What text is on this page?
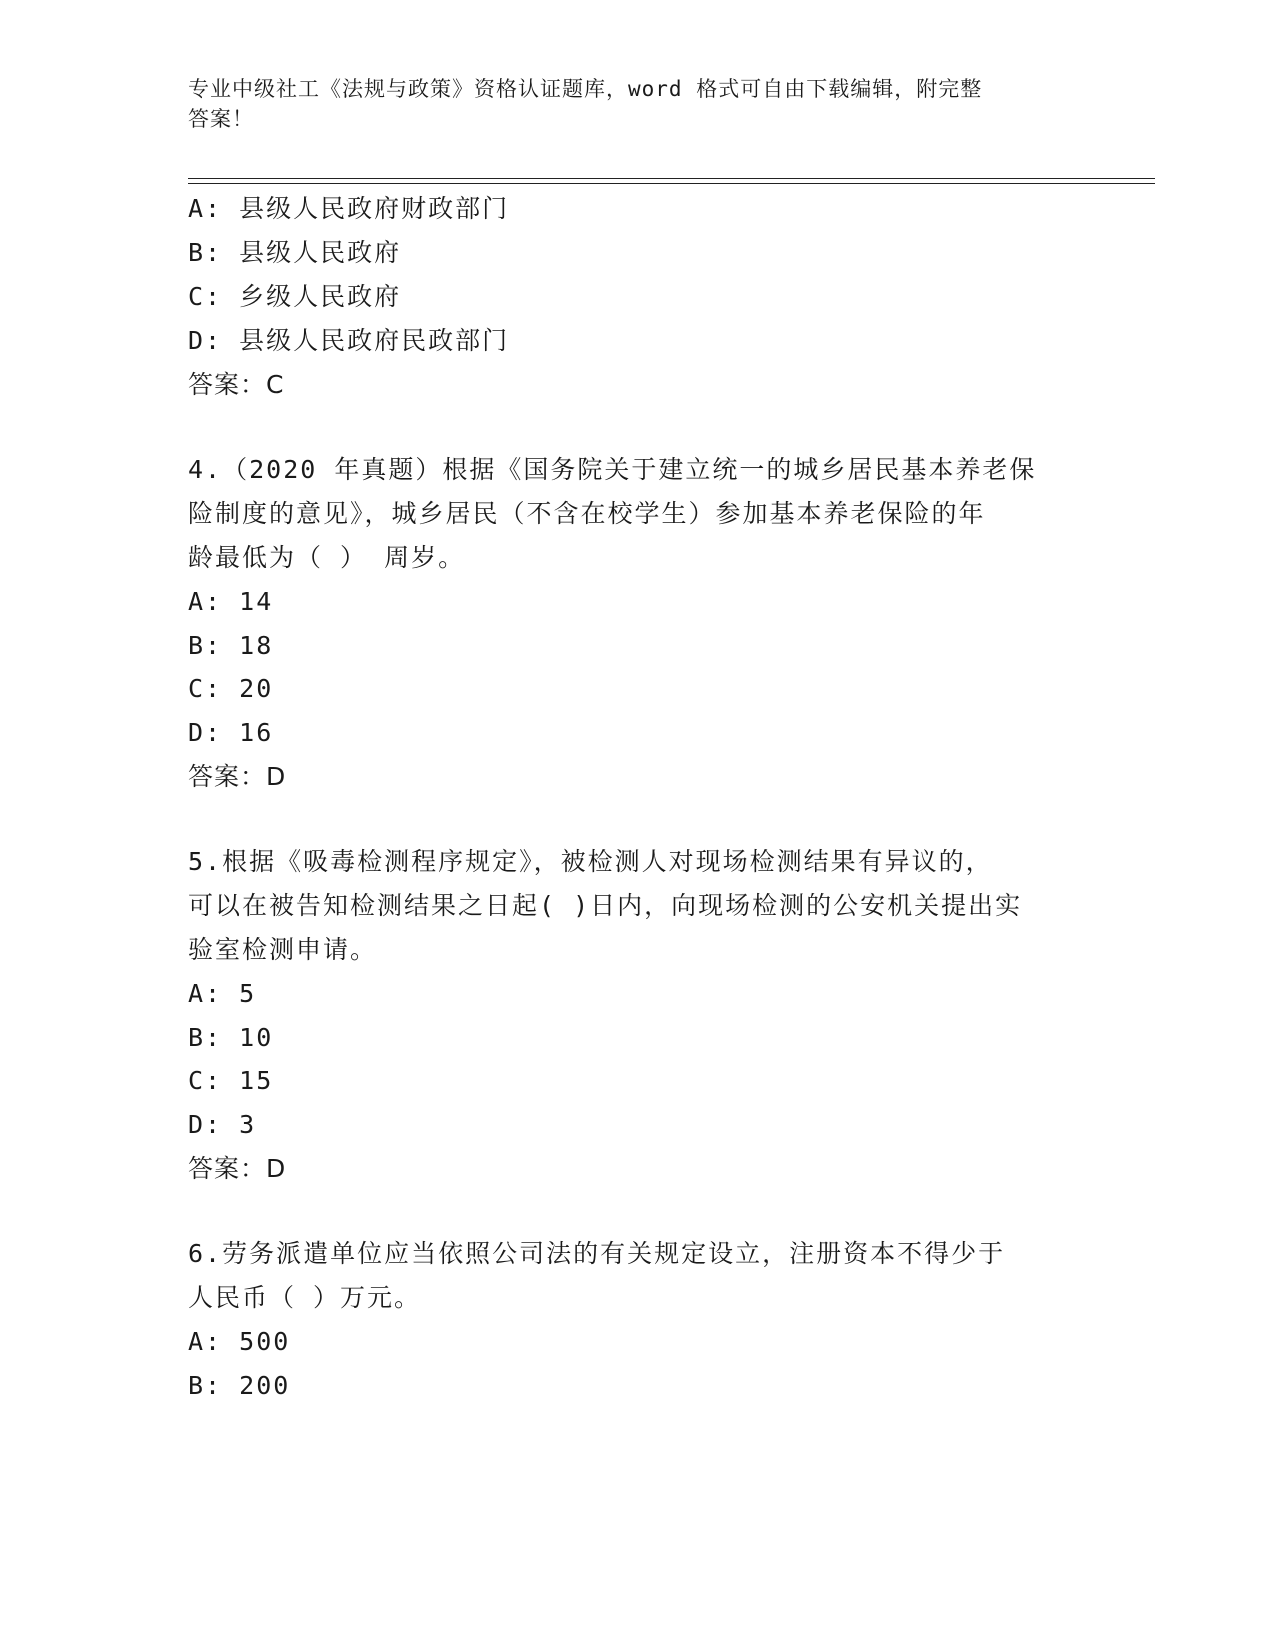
专业中级社工《法规与政策》资格认证题库，word 格式可自由下载编辑，附完整
答案！
A: 县级人民政府财政部门
B: 县级人民政府
C: 乡级人民政府
D: 县级人民政府民政部门
答案：C
4.（2020 年真题）根据《国务院关于建立统一的城乡居民基本养老保
险制度的意见》，城乡居民（不含在校学生）参加基本养老保险的年
龄最低为（ ） 周岁。
A: 14
B: 18
C: 20
D: 16
答案：D
5.根据《吸毒检测程序规定》，被检测人对现场检测结果有异议的，
可以在被告知检测结果之日起( )日内，向现场检测的公安机关提出实
验室检测申请。
A: 5
B: 10
C: 15
D: 3
答案：D
6.劳务派遣单位应当依照公司法的有关规定设立，注册资本不得少于
人民币（ ）万元。
A: 500
B: 200
